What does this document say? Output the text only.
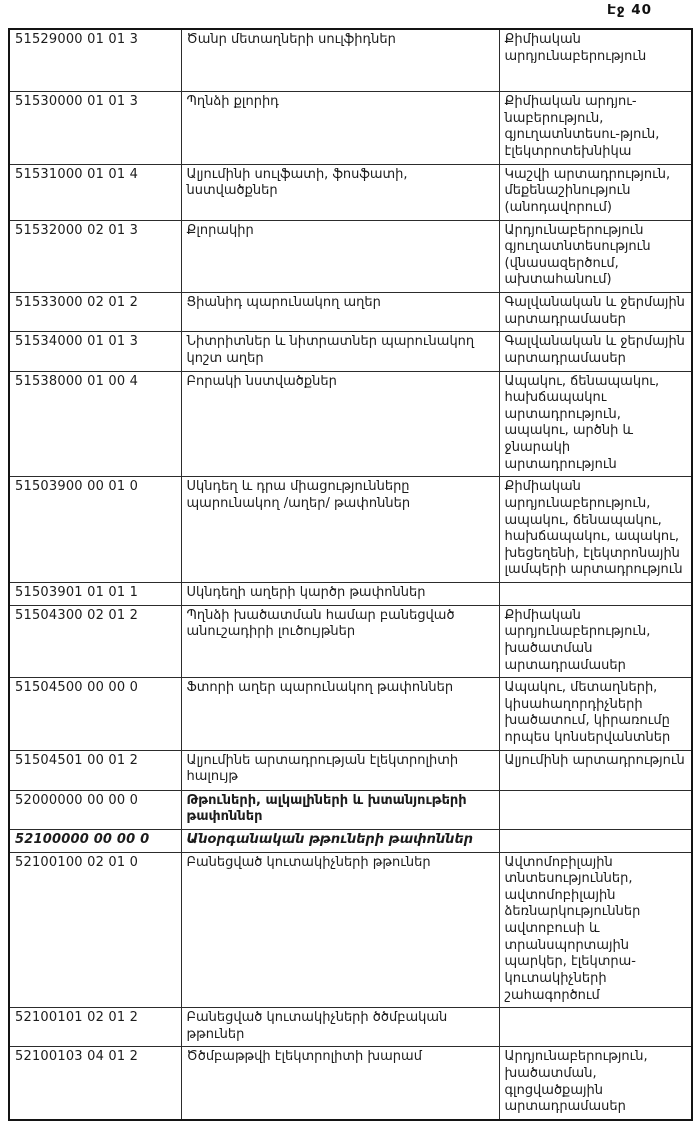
Էջ 40
51529000 01 01 3	Ծանր մետաղների սուլֆիդներ	Քիմիական արդյունաբերություն
51530000 01 01 3	Պղնձի քլորիդ	Քիմիական արդյու-նաբերություն, գյուղատնտեսու-թյուն, էլեկտրոտեխնիկա
51531000 01 01 4	Ալյումինի սուլֆատի, ֆոսֆատի, նստվածքներ	Կաշվի արտադրություն, մեքենաշինություն (անոդավորում)
51532000 02 01 3	Քլորակիր	Արդյունաբերություն գյուղատնտեսություն (վնասազերծում, ախտահանում)
51533000 02 01 2	Ցիանիդ պարունակող աղեր	Գալվանական և ջերմային արտադրամասեր
51534000 01 01 3	Նիտրիտներ և նիտրատներ պարունակող կոշտ աղեր	Գալվանական և ջերմային արտադրամասեր
51538000 01 00 4	Բորակի նստվածքներ	Ապակու, ճենապակու, հախճապակու արտադրություն, ապակու, արծնի և ջնարակի արտադրություն
51503900 00 01 0	Սկնդեղ և դրա միացությունները պարունակող /աղեր/ թափոններ	Քիմիական արդյունաբերություն, ապակու, ճենապակու, հախճապակու, ապակու, խեցեղենի, էլեկտրոնային լամպերի արտադրություն
51503901 01 01 1	Սկնդեղի աղերի կարծր թափոններ	
51504300 02 01 2	Պղնձի խածատման համար բանեցված անուշադիրի լուծույթներ	Քիմիական արդյունաբերություն, խածատման արտադրամասեր
51504500 00 00 0	Ֆտորի աղեր պարունակող թափոններ	Ապակու, մետաղների, կիսահաղորդիչների խածատում, կիրառումը որպես կոնսերվանտներ
51504501 00 01 2	Ալյումինե արտադրության էլեկտրոլիտի հալույթ	Ալյումինի արտադրություն
52000000 00 00 0	Թթուների, ալկալիների և խտանյութերի թափոններ	
52100000 00 00 0	Անօրգանական թթուների թափոններ	
52100100 02 01 0	Բանեցված կուտակիչների թթուներ	Ավտոմոբիլային տնտեսություններ, ավտոմոբիլային ձեռնարկություններ ավտոբուսի և տրանսպորտային պարկեր, էլեկտրա-կուտակիչների շահագործում
52100101 02 01 2	Բանեցված կուտակիչների ծծմբական թթուներ	
52100103 04 01 2	Ծծմբաթթվի էլեկտրոլիտի խարամ	Արդյունաբերություն, խածատման, գլոցվածքային արտադրամասեր
